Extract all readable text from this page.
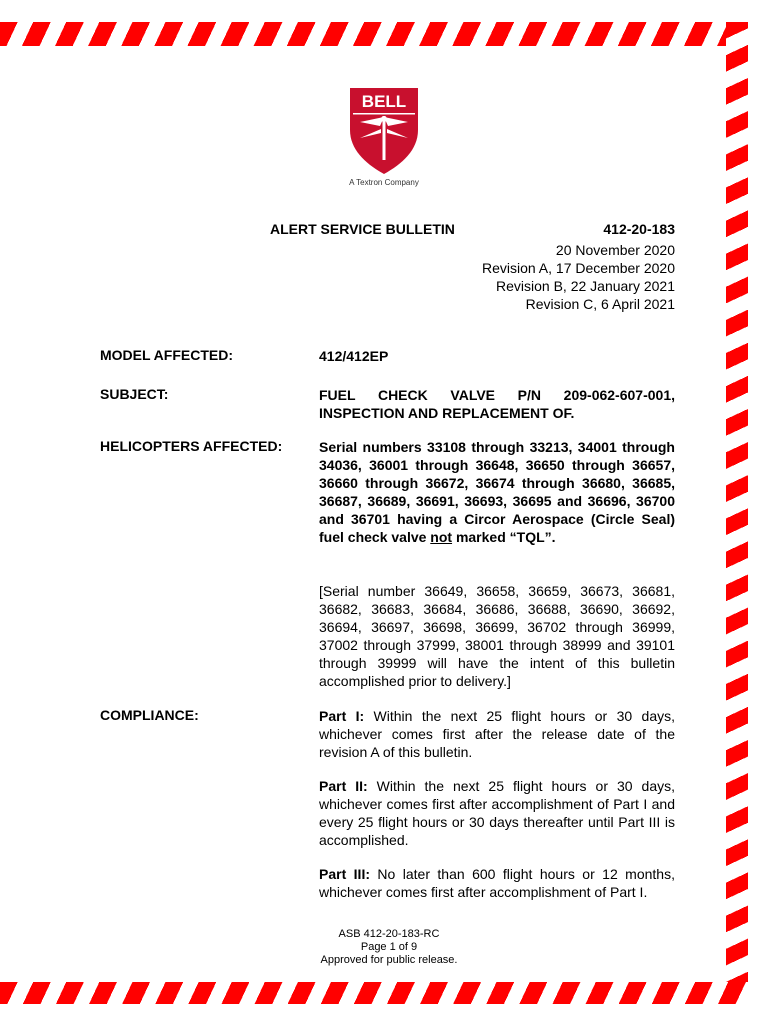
BELL
A Textron Company
ALERT SERVICE BULLETIN	412-20-183
20 November 2020
Revision A, 17 December 2020
Revision B, 22 January 2021
Revision C, 6 April 2021
MODEL AFFECTED:	412/412EP
SUBJECT:	FUEL CHECK VALVE P/N 209-062-607-001, INSPECTION AND REPLACEMENT OF.
HELICOPTERS AFFECTED:	Serial numbers 33108 through 33213, 34001 through 34036, 36001 through 36648, 36650 through 36657, 36660 through 36672, 36674 through 36680, 36685, 36687, 36689, 36691, 36693, 36695 and 36696, 36700 and 36701 having a Circor Aerospace (Circle Seal) fuel check valve not marked “TQL”.
[Serial number 36649, 36658, 36659, 36673, 36681, 36682, 36683, 36684, 36686, 36688, 36690, 36692, 36694, 36697, 36698, 36699, 36702 through 36999, 37002 through 37999, 38001 through 38999 and 39101 through 39999 will have the intent of this bulletin accomplished prior to delivery.]
COMPLIANCE:	Part I: Within the next 25 flight hours or 30 days, whichever comes first after the release date of the revision A of this bulletin.
Part II: Within the next 25 flight hours or 30 days, whichever comes first after accomplishment of Part I and every 25 flight hours or 30 days thereafter until Part III is accomplished.
Part III: No later than 600 flight hours or 12 months, whichever comes first after accomplishment of Part I.
ASB 412-20-183-RC
Page 1 of 9
Approved for public release.
